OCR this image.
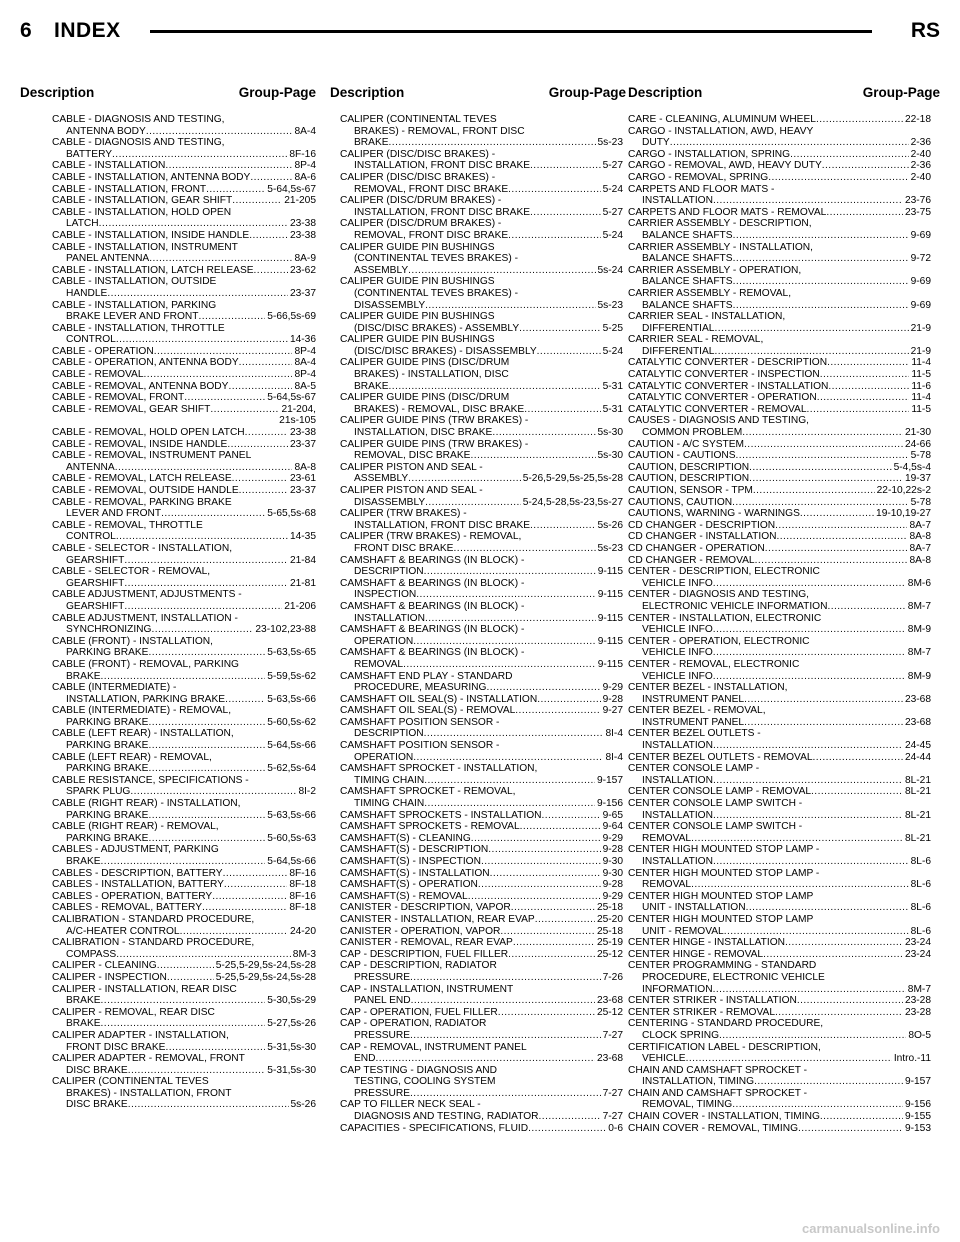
6 INDEX	RS
Description	Group-Page Description	Group-Page Description	Group-Page
CABLE - DIAGNOSIS AND TESTING,
ANTENNA BODY . . .	8A-4
CABLE - DIAGNOSIS AND TESTING,
BATTERY . . .	8F-16
CABLE - INSTALLATION . . .	8P-4
CABLE - INSTALLATION, ANTENNA BODY . . .	8A-6
CABLE - INSTALLATION, FRONT . . .	5-64,5s-67
CABLE - INSTALLATION, GEAR SHIFT . . .	21-205
CABLE - INSTALLATION, HOLD OPEN
LATCH . . .	23-38
CABLE - INSTALLATION, INSIDE HANDLE . . .	23-38
CABLE - INSTALLATION, INSTRUMENT
PANEL ANTENNA . . .	8A-9
CABLE - INSTALLATION, LATCH RELEASE . . .	23-62
CABLE - INSTALLATION, OUTSIDE
HANDLE . . .	23-37
CABLE - INSTALLATION, PARKING
BRAKE LEVER AND FRONT . . .	5-66,5s-69
CABLE - INSTALLATION, THROTTLE
CONTROL . . .	14-36
CABLE - OPERATION . . .	8P-4
CABLE - OPERATION, ANTENNA BODY . . .	8A-4
CABLE - REMOVAL . . .	8P-4
CABLE - REMOVAL, ANTENNA BODY . . .	8A-5
CABLE - REMOVAL, FRONT . . .	5-64,5s-67
CABLE - REMOVAL, GEAR SHIFT . . .	21-204,
21s-105
CABLE - REMOVAL, HOLD OPEN LATCH . . .	23-38
CABLE - REMOVAL, INSIDE HANDLE . . .	23-37
CABLE - REMOVAL, INSTRUMENT PANEL
ANTENNA . . .	8A-8
CABLE - REMOVAL, LATCH RELEASE . . .	23-61
CABLE - REMOVAL, OUTSIDE HANDLE . . .	23-37
CABLE - REMOVAL, PARKING BRAKE
LEVER AND FRONT . . .	5-65,5s-68
CABLE - REMOVAL, THROTTLE
CONTROL . . .	14-35
CABLE - SELECTOR - INSTALLATION,
GEARSHIFT . . .	21-84
CABLE - SELECTOR - REMOVAL,
GEARSHIFT . . .	21-81
CABLE ADJUSTMENT, ADJUSTMENTS -
GEARSHIFT . . .	21-206
CABLE ADJUSTMENT, INSTALLATION -
SYNCHRONIZING . . .	23-102,23-88
CABLE (FRONT) - INSTALLATION,
PARKING BRAKE . . .	5-63,5s-65
CABLE (FRONT) - REMOVAL, PARKING
BRAKE . . .	5-59,5s-62
CABLE (INTERMEDIATE) -
INSTALLATION, PARKING BRAKE . . .	5-63,5s-66
CABLE (INTERMEDIATE) - REMOVAL,
PARKING BRAKE . . .	5-60,5s-62
CABLE (LEFT REAR) - INSTALLATION,
PARKING BRAKE . . .	5-64,5s-66
CABLE (LEFT REAR) - REMOVAL,
PARKING BRAKE . . .	5-62,5s-64
CABLE RESISTANCE, SPECIFICATIONS -
SPARK PLUG . . .	8I-2
CABLE (RIGHT REAR) - INSTALLATION,
PARKING BRAKE . . .	5-63,5s-66
CABLE (RIGHT REAR) - REMOVAL,
PARKING BRAKE . . .	5-60,5s-63
CABLES - ADJUSTMENT, PARKING
BRAKE . . .	5-64,5s-66
CABLES - DESCRIPTION, BATTERY . . .	8F-16
CABLES - INSTALLATION, BATTERY . . .	8F-18
CABLES - OPERATION, BATTERY . . .	8F-16
CABLES - REMOVAL, BATTERY . . .	8F-18
CALIBRATION - STANDARD PROCEDURE,
A/C-HEATER CONTROL . . .	24-20
CALIBRATION - STANDARD PROCEDURE,
COMPASS . . .	8M-3
CALIPER - CLEANING . . .	5-25,5-29,5s-24,5s-28
CALIPER - INSPECTION . . .	5-25,5-29,5s-24,5s-28
CALIPER - INSTALLATION, REAR DISC
BRAKE . . .	5-30,5s-29
CALIPER - REMOVAL, REAR DISC
BRAKE . . .	5-27,5s-26
CALIPER ADAPTER - INSTALLATION,
FRONT DISC BRAKE . . .	5-31,5s-30
CALIPER ADAPTER - REMOVAL, FRONT
DISC BRAKE . . .	5-31,5s-30
CALIPER (CONTINENTAL TEVES
BRAKES) - INSTALLATION, FRONT
DISC BRAKE . . .	5s-26
CALIPER (CONTINENTAL TEVES
BRAKES) - REMOVAL, FRONT DISC
BRAKE . . .	5s-23
CALIPER (DISC/DISC BRAKES) -
INSTALLATION, FRONT DISC BRAKE . . .	5-27
CALIPER (DISC/DISC BRAKES) -
REMOVAL, FRONT DISC BRAKE . . .	5-24
CALIPER (DISC/DRUM BRAKES) -
INSTALLATION, FRONT DISC BRAKE . . .	5-27
CALIPER (DISC/DRUM BRAKES) -
REMOVAL, FRONT DISC BRAKE . . .	5-24
CALIPER GUIDE PIN BUSHINGS
(CONTINENTAL TEVES BRAKES) -
ASSEMBLY . . .	5s-24
CALIPER GUIDE PIN BUSHINGS
(CONTINENTAL TEVES BRAKES) -
DISASSEMBLY . . .	5s-23
CALIPER GUIDE PIN BUSHINGS
(DISC/DISC BRAKES) - ASSEMBLY . . .	5-25
CALIPER GUIDE PIN BUSHINGS
(DISC/DISC BRAKES) - DISASSEMBLY . . .	5-24
CALIPER GUIDE PINS (DISC/DRUM
BRAKES) - INSTALLATION, DISC
BRAKE . . .	5-31
CALIPER GUIDE PINS (DISC/DRUM
BRAKES) - REMOVAL, DISC BRAKE . . .	5-31
CALIPER GUIDE PINS (TRW BRAKES) -
INSTALLATION, DISC BRAKE . . .	5s-30
CALIPER GUIDE PINS (TRW BRAKES) -
REMOVAL, DISC BRAKE . . .	5s-30
CALIPER PISTON AND SEAL -
ASSEMBLY . . .	5-26,5-29,5s-25,5s-28
CALIPER PISTON AND SEAL -
DISASSEMBLY . . .	5-24,5-28,5s-23,5s-27
CALIPER (TRW BRAKES) -
INSTALLATION, FRONT DISC BRAKE . . .	5s-26
CALIPER (TRW BRAKES) - REMOVAL,
FRONT DISC BRAKE . . .	5s-23
CAMSHAFT & BEARINGS (IN BLOCK) -
DESCRIPTION . . .	9-115
CAMSHAFT & BEARINGS (IN BLOCK) -
INSPECTION . . .	9-115
CAMSHAFT & BEARINGS (IN BLOCK) -
INSTALLATION . . .	9-115
CAMSHAFT & BEARINGS (IN BLOCK) -
OPERATION . . .	9-115
CAMSHAFT & BEARINGS (IN BLOCK) -
REMOVAL . . .	9-115
CAMSHAFT END PLAY - STANDARD
PROCEDURE, MEASURING . . .	9-29
CAMSHAFT OIL SEAL(S) - INSTALLATION . . .	9-28
CAMSHAFT OIL SEAL(S) - REMOVAL . . .	9-27
CAMSHAFT POSITION SENSOR -
DESCRIPTION . . .	8I-4
CAMSHAFT POSITION SENSOR -
OPERATION . . .	8I-4
CAMSHAFT SPROCKET - INSTALLATION,
TIMING CHAIN . . .	9-157
CAMSHAFT SPROCKET - REMOVAL,
TIMING CHAIN . . .	9-156
CAMSHAFT SPROCKETS - INSTALLATION . . .	9-65
CAMSHAFT SPROCKETS - REMOVAL . . .	9-64
CAMSHAFT(S) - CLEANING . . .	9-29
CAMSHAFT(S) - DESCRIPTION . . .	9-28
CAMSHAFT(S) - INSPECTION . . .	9-30
CAMSHAFT(S) - INSTALLATION . . .	9-30
CAMSHAFT(S) - OPERATION . . .	9-28
CAMSHAFT(S) - REMOVAL . . .	9-29
CANISTER - DESCRIPTION, VAPOR . . .	25-18
CANISTER - INSTALLATION, REAR EVAP . . .	25-20
CANISTER - OPERATION, VAPOR . . .	25-18
CANISTER - REMOVAL, REAR EVAP . . .	25-19
CAP - DESCRIPTION, FUEL FILLER . . .	25-12
CAP - DESCRIPTION, RADIATOR
PRESSURE . . .	7-26
CAP - INSTALLATION, INSTRUMENT
PANEL END . . .	23-68
CAP - OPERATION, FUEL FILLER . . .	25-12
CAP - OPERATION, RADIATOR
PRESSURE . . .	7-27
CAP - REMOVAL, INSTRUMENT PANEL
END . . .	23-68
CAP TESTING - DIAGNOSIS AND
TESTING, COOLING SYSTEM
PRESSURE . . .	7-27
CAP TO FILLER NECK SEAL -
DIAGNOSIS AND TESTING, RADIATOR . . .	7-27
CAPACITIES - SPECIFICATIONS, FLUID . . .	0-6
CARE - CLEANING, ALUMINUM WHEEL . . .	22-18
CARGO - INSTALLATION, AWD, HEAVY
DUTY . . .	2-36
CARGO - INSTALLATION, SPRING . . .	2-40
CARGO - REMOVAL, AWD, HEAVY DUTY . . .	2-36
CARGO - REMOVAL, SPRING . . .	2-40
CARPETS AND FLOOR MATS -
INSTALLATION . . .	23-76
CARPETS AND FLOOR MATS - REMOVAL . . .	23-75
CARRIER ASSEMBLY - DESCRIPTION,
BALANCE SHAFTS . . .	9-69
CARRIER ASSEMBLY - INSTALLATION,
BALANCE SHAFTS . . .	9-72
CARRIER ASSEMBLY - OPERATION,
BALANCE SHAFTS . . .	9-69
CARRIER ASSEMBLY - REMOVAL,
BALANCE SHAFTS . . .	9-69
CARRIER SEAL - INSTALLATION,
DIFFERENTIAL . . .	21-9
CARRIER SEAL - REMOVAL,
DIFFERENTIAL . . .	21-9
CATALYTIC CONVERTER - DESCRIPTION . . .	11-4
CATALYTIC CONVERTER - INSPECTION . . .	11-5
CATALYTIC CONVERTER - INSTALLATION . . .	11-6
CATALYTIC CONVERTER - OPERATION . . .	11-4
CATALYTIC CONVERTER - REMOVAL . . .	11-5
CAUSES - DIAGNOSIS AND TESTING,
COMMON PROBLEM . . .	21-30
CAUTION - A/C SYSTEM . . .	24-66
CAUTION - CAUTIONS . . .	5-78
CAUTION, DESCRIPTION . . .	5-4,5s-4
CAUTION, DESCRIPTION . . .	19-37
CAUTION, SENSOR - TPM . . .	22-10,22s-2
CAUTIONS, CAUTION . . .	5-78
CAUTIONS, WARNING - WARNINGS . . .	19-10,19-27
CD CHANGER - DESCRIPTION . . .	8A-7
CD CHANGER - INSTALLATION . . .	8A-8
CD CHANGER - OPERATION . . .	8A-7
CD CHANGER - REMOVAL . . .	8A-8
CENTER - DESCRIPTION, ELECTRONIC
VEHICLE INFO . . .	8M-6
CENTER - DIAGNOSIS AND TESTING,
ELECTRONIC VEHICLE INFORMATION . . .	8M-7
CENTER - INSTALLATION, ELECTRONIC
VEHICLE INFO . . .	8M-9
CENTER - OPERATION, ELECTRONIC
VEHICLE INFO . . .	8M-7
CENTER - REMOVAL, ELECTRONIC
VEHICLE INFO . . .	8M-9
CENTER BEZEL - INSTALLATION,
INSTRUMENT PANEL . . .	23-68
CENTER BEZEL - REMOVAL,
INSTRUMENT PANEL . . .	23-68
CENTER BEZEL OUTLETS -
INSTALLATION . . .	24-45
CENTER BEZEL OUTLETS - REMOVAL . . .	24-44
CENTER CONSOLE LAMP -
INSTALLATION . . .	8L-21
CENTER CONSOLE LAMP - REMOVAL . . .	8L-21
CENTER CONSOLE LAMP SWITCH -
INSTALLATION . . .	8L-21
CENTER CONSOLE LAMP SWITCH -
REMOVAL . . .	8L-21
CENTER HIGH MOUNTED STOP LAMP -
INSTALLATION . . .	8L-6
CENTER HIGH MOUNTED STOP LAMP -
REMOVAL . . .	8L-6
CENTER HIGH MOUNTED STOP LAMP
UNIT - INSTALLATION . . .	8L-6
CENTER HIGH MOUNTED STOP LAMP
UNIT - REMOVAL . . .	8L-6
CENTER HINGE - INSTALLATION . . .	23-24
CENTER HINGE - REMOVAL . . .	23-24
CENTER PROGRAMMING - STANDARD
PROCEDURE, ELECTRONIC VEHICLE
INFORMATION . . .	8M-7
CENTER STRIKER - INSTALLATION . . .	23-28
CENTER STRIKER - REMOVAL . . .	23-28
CENTERING - STANDARD PROCEDURE,
CLOCK SPRING . . .	8O-5
CERTIFICATION LABEL - DESCRIPTION,
VEHICLE . . .	Intro.-11
CHAIN AND CAMSHAFT SPROCKET -
INSTALLATION, TIMING . . .	9-157
CHAIN AND CAMSHAFT SPROCKET -
REMOVAL, TIMING . . .	9-156
CHAIN COVER - INSTALLATION, TIMING . . .	9-155
CHAIN COVER - REMOVAL, TIMING . . .	9-153
carmanualsonline.info
